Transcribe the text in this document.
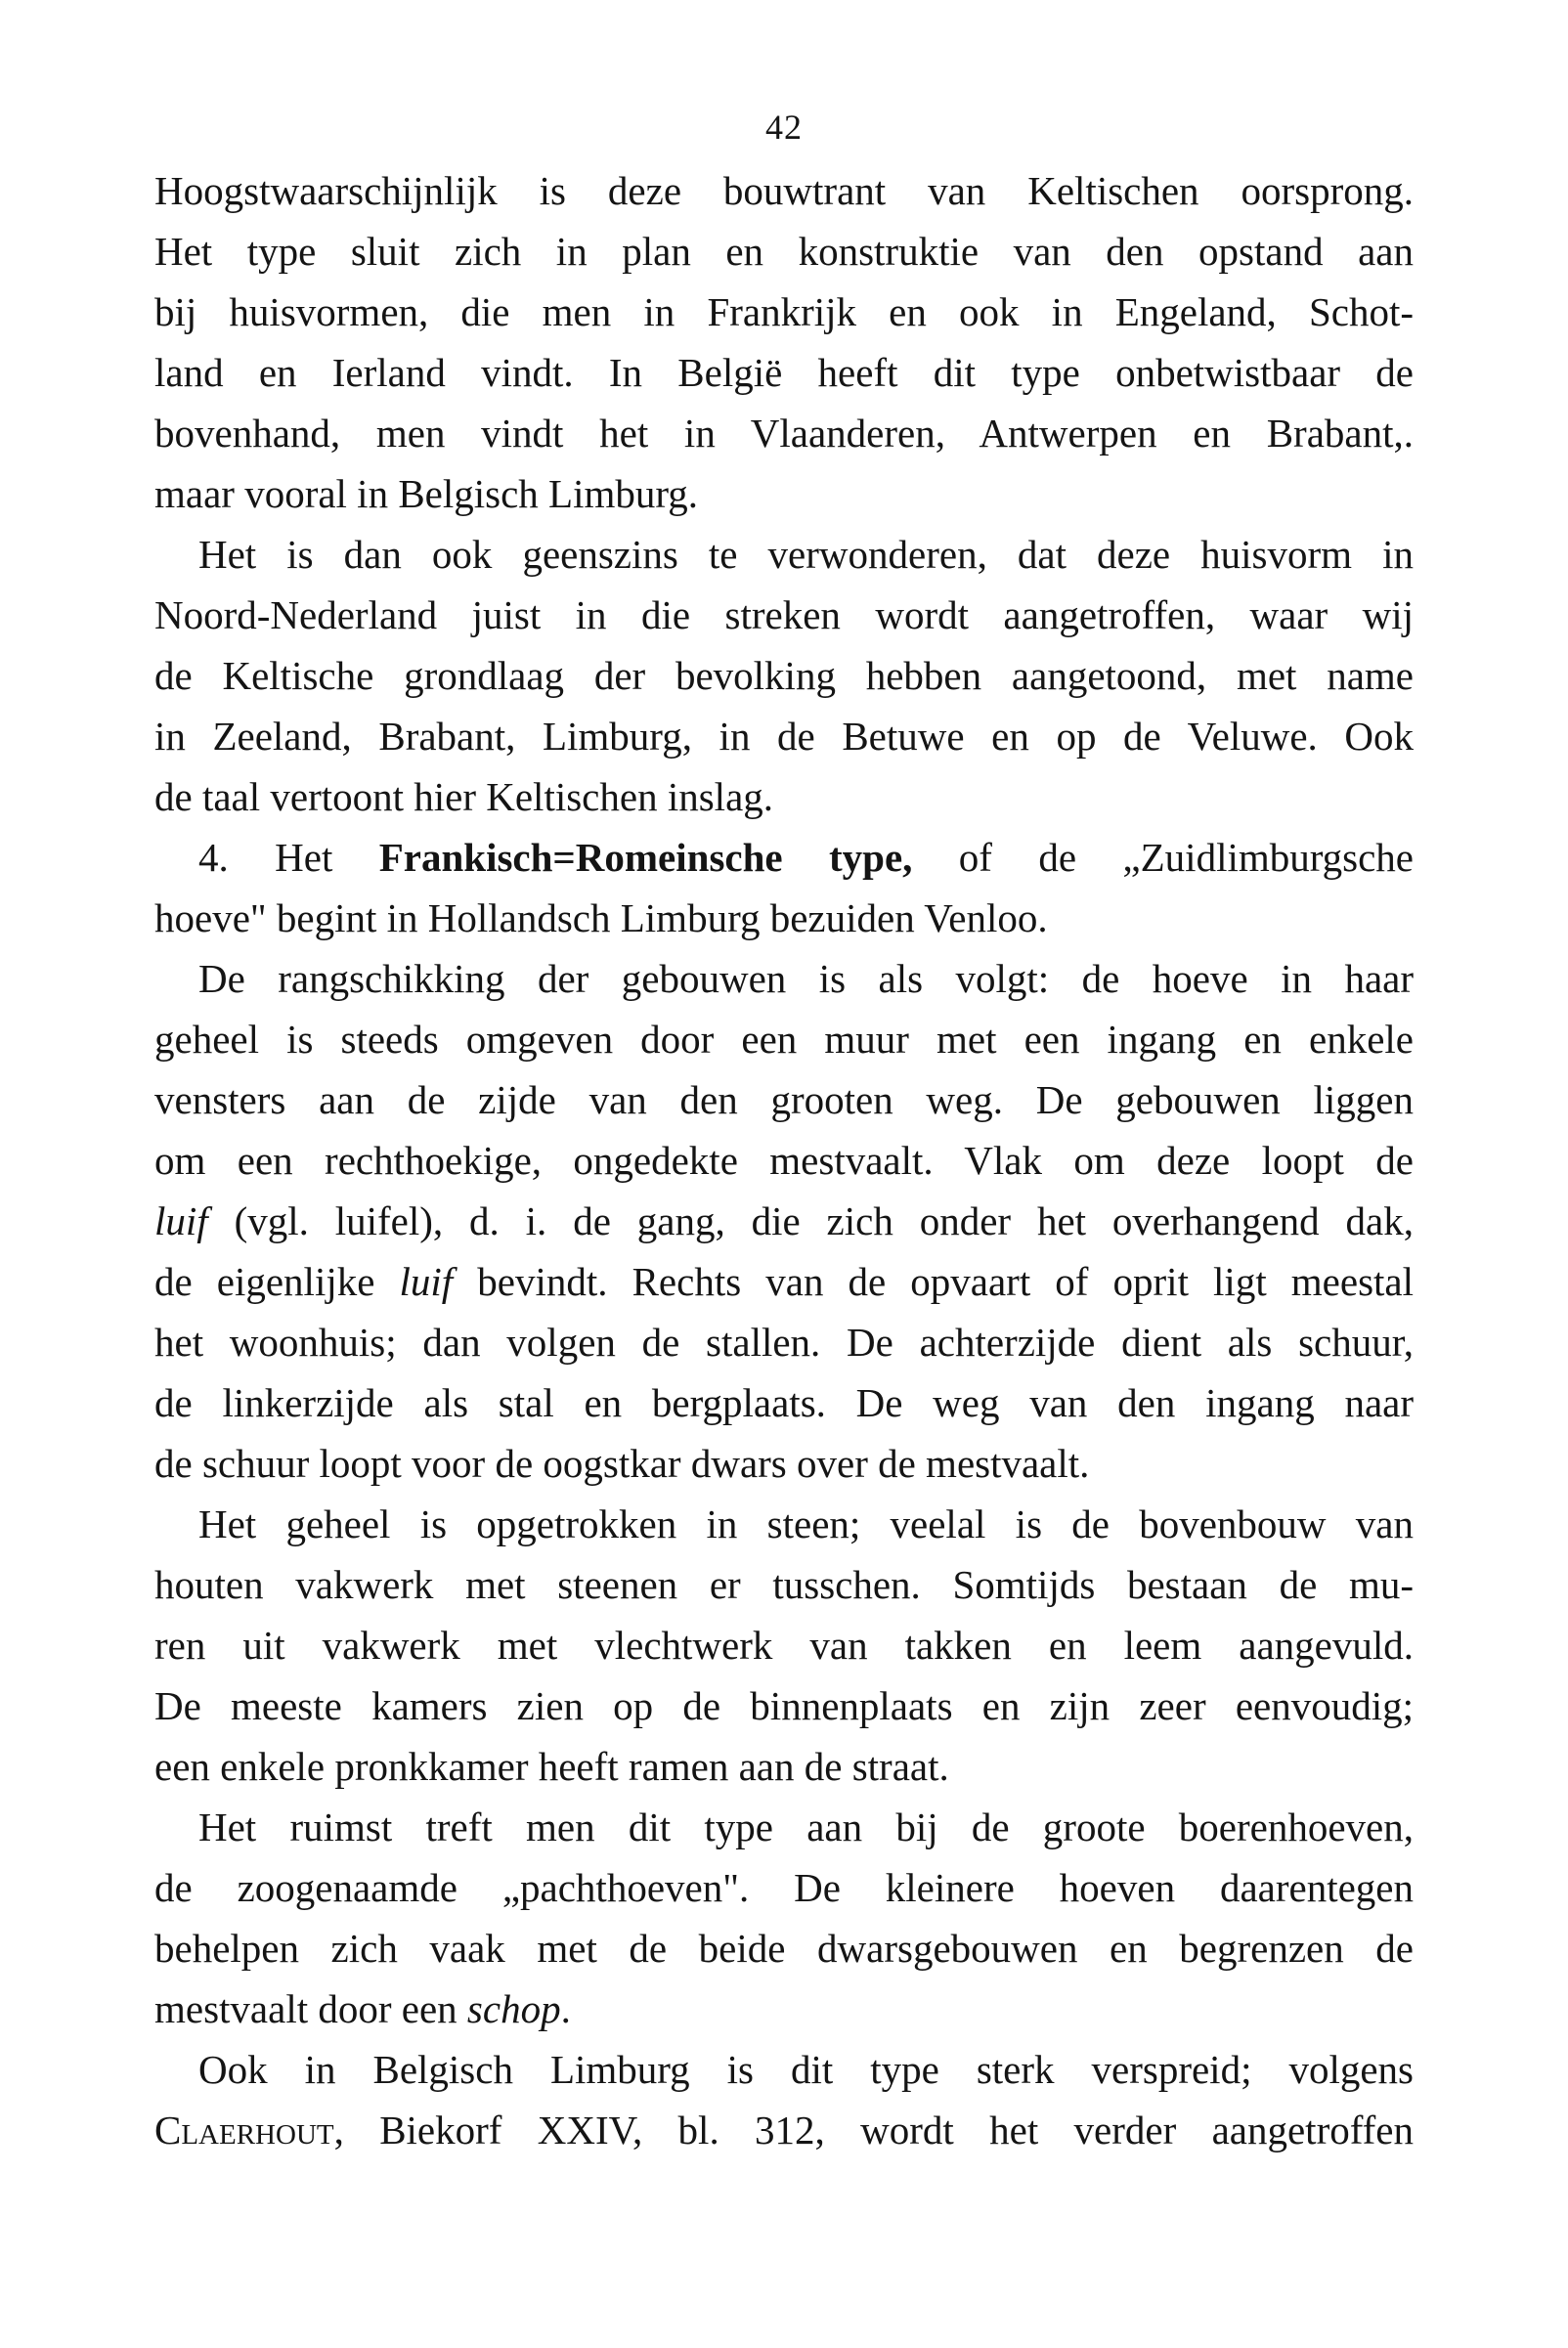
42
Hoogstwaarschijnlijk is deze bouwtrant van Keltischen oorsprong.
Het type sluit zich in plan en konstruktie van den opstand aan
bij huisvormen, die men in Frankrijk en ook in Engeland, Schot-
land en Ierland vindt. In België heeft dit type onbetwistbaar de
bovenhand, men vindt het in Vlaanderen, Antwerpen en Brabant,.
maar vooral in Belgisch Limburg.
Het is dan ook geenszins te verwonderen, dat deze huisvorm in
Noord-Nederland juist in die streken wordt aangetroffen, waar wij
de Keltische grondlaag der bevolking hebben aangetoond, met name
in Zeeland, Brabant, Limburg, in de Betuwe en op de Veluwe. Ook
de taal vertoont hier Keltischen inslag.
4. Het Frankisch=Romeinsche type, of de „Zuidlimburgsche
hoeve" begint in Hollandsch Limburg bezuiden Venloo.
De rangschikking der gebouwen is als volgt: de hoeve in haar
geheel is steeds omgeven door een muur met een ingang en enkele
vensters aan de zijde van den grooten weg. De gebouwen liggen
om een rechthoekige, ongedekte mestvaalt. Vlak om deze loopt de
luif (vgl. luifel), d. i. de gang, die zich onder het overhangend dak,
de eigenlijke luif bevindt. Rechts van de opvaart of oprit ligt meestal
het woonhuis; dan volgen de stallen. De achterzijde dient als schuur,
de linkerzijde als stal en bergplaats. De weg van den ingang naar
de schuur loopt voor de oogstkar dwars over de mestvaalt.
Het geheel is opgetrokken in steen; veelal is de bovenbouw van
houten vakwerk met steenen er tusschen. Somtijds bestaan de mu-
ren uit vakwerk met vlechtwerk van takken en leem aangevuld.
De meeste kamers zien op de binnenplaats en zijn zeer eenvoudig;
een enkele pronkkamer heeft ramen aan de straat.
Het ruimst treft men dit type aan bij de groote boerenhoeven,
de zoogenaamde „pachthoeven". De kleinere hoeven daarentegen
behelpen zich vaak met de beide dwarsgebouwen en begrenzen de
mestvaalt door een schop.
Ook in Belgisch Limburg is dit type sterk verspreid; volgens
Claerhout, Biekorf XXIV, bl. 312, wordt het verder aangetroffen
